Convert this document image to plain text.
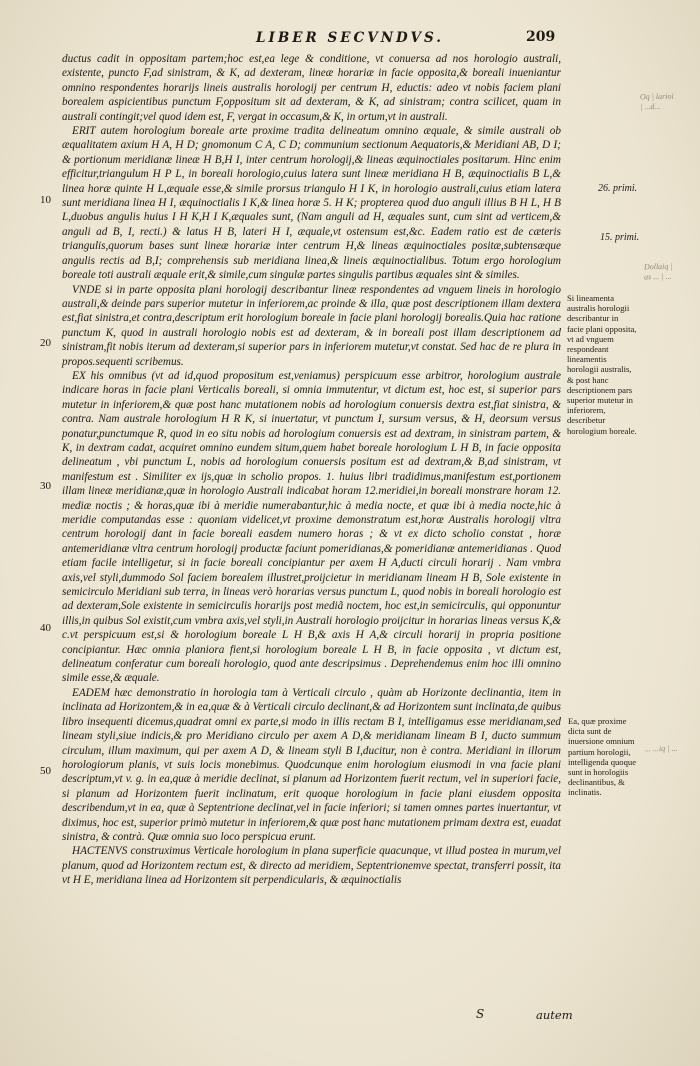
LIBER SECVNDVS.	209

ductus cadit in oppositam partem;hoc est,ea lege & conditione, vt conuersa ad nos horologio australi, existente, puncto F,ad sinistram, & K, ad dexteram, lineæ horariæ in facie opposita,& boreali inueniantur omnino respondentes horarijs lineis australis horologij per centrum H, eductis: adeo vt nobis faciem plani borealem aspicientibus punctum F,oppositum sit ad dexteram, & K, ad sinistram; contra scilicet, quam in australi contingit;vel quod idem est, F, vergat in occasum,& K, in ortum,vt in australi.

ERIT autem horologium boreale arte proxime tradita delineatum omnino æquale, & simile australi ob æqualitatem axium H A, H D; gnomonum C A, C D; communium sectionum Aequatoris,& Meridiani AB, D I; & portionum meridianæ lineæ H B,H I, inter centrum horologij,& lineas æquinoctiales positarum. Hinc enim efficitur,triangulum H P L, in boreali horologio,cuius latera sunt lineæ meridiana H B, æquinoctialis B L,& linea horæ quinte H L,æquale esse,& simile prorsus triangulo H I K, in horologio australi,cuius etiam latera sunt meridiana linea H I, æquinoctialis I K,& linea horæ 5. H K; propterea quod duo anguli illius B H L, H B L,duobus angulis huius I H K,H I K,æquales sunt, (Nam anguli ad H, æquales sunt, cum sint ad verticem,& anguli ad B, I, recti.) & latus H B, lateri H I, æquale,vt ostensum est,&c. Eadem ratio est de cæteris triangulis,quorum bases sunt lineæ horariæ inter centrum H,& lineas æquinoctiales positæ,subtensæque angulis rectis ad B,I; comprehensis sub meridiana linea,& lineis æquinoctialibus. Totum ergo horologium boreale toti australi æquale erit,& simile,cum singulæ partes singulis partibus æquales sint & similes.

VNDE si in parte opposita plani horologij describantur lineæ respondentes ad vnguem lineis in horologio australi,& deinde pars superior mutetur in inferiorem,ac proinde & illa, quæ post descriptionem illam dextera est,fiat sinistra,et contra,descriptum erit horologium boreale in facie plani horologij borealis.Quia hac ratione punctum K, quod in australi horologio nobis est ad dexteram, & in boreali post illam descriptionem ad sinistram,fit nobis iterum ad dexteram,si superior pars in inferiorem mutetur,vt constat. Sed hac de re plura in propos.sequenti scribemus.

EX his omnibus (vt ad id,quod propositum est,veniamus) perspicuum esse arbitror, horologium australe indicare horas in facie plani Verticalis boreali, si omnia immutentur, vt dictum est, hoc est, si superior pars mutetur in inferiorem,& quæ post hanc mutationem nobis ad horologium conuersis dextra est,fiat sinistra, & contra. Nam australe horologium H R K, si inuertatur, vt punctum I, sursum versus, & H, deorsum versus ponatur,punctumque R, quod in eo situ nobis ad horologium conuersis est ad dextram, in sinistram partem, & K, in dextram cadat, acquiret omnino eundem situm,quem habet boreale horologium L H B, in facie opposita delineatum , vbi punctum L, nobis ad horologium conuersis positum est ad dextram,& B,ad sinistram, vt manifestum est . Similiter ex ijs,quæ in scholio propos. 1. huius libri tradidimus,manifestum est,portionem illam lineæ meridianæ,quæ in horologio Australi indicabat horam 12.meridiei,in boreali monstrare horam 12. mediæ noctis ; & horas,quæ ibi à meridie numerabantur,hic à media nocte, et quæ ibi à media nocte,hic à meridie computandas esse : quoniam videlicet,vt proxime demonstratum est,horæ Australis horologij vltra centrum horologij dant in facie boreali easdem numero horas ; & vt ex dicto scholio constat , horæ antemeridianæ vltra centrum horologij productæ faciunt pomeridianas,& pomeridianæ antemeridianas . Quod etiam facile intelligetur, si in facie boreali concipiantur per axem H A,ducti circuli horarij . Nam vmbra axis,vel styli,dummodo Sol faciem borealem illustret,proijcietur in meridianam lineam H B, Sole existente in semicirculo Meridiani sub terra, in lineas verò horarias versus punctum L, quod nobis in boreali horologio est ad dexteram,Sole existente in semicirculis horarijs post mediã noctem, hoc est,in semicirculis, qui opponuntur illis,in quibus Sol existit,cum vmbra axis,vel styli,in Australi horologio proijcitur in horarias lineas versus K,& c.vt perspicuum est,si & horologium boreale L H B,& axis H A,& circuli horarij in propria positione concipiantur. Hæc omnia planiora fient,si horologium boreale L H B, in facie opposita , vt dictum est, delineatum conferatur cum boreali horologio, quod ante descripsimus . Deprehendemus enim hoc illi omnino simile esse,& æquale.

EADEM hæc demonstratio in horologia tam à Verticali circulo , quàm ab Horizonte declinantia, item in inclinata ad Horizontem,& in ea,quæ & à Verticali circulo declinant,& ad Horizontem sunt inclinata,de quibus libro insequenti dicemus,quadrat omni ex parte,si modo in illis rectam B I, intelligamus esse meridianam,sed lineam styli,siue indicis,& pro Meridiano circulo per axem A D,& meridianam lineam B I, ducto summum circulum, illum maximum, qui per axem A D, & lineam styli B I,ducitur, non è contra. Meridiani in illorum horologiorum planis, vt suis locis monebimus. Quodcunque enim horologium eiusmodi in vna facie plani descriptum,vt v. g. in ea,quæ à meridie declinat, si planum ad Horizontem fuerit rectum, vel in superiori facie, si planum ad Horizontem fuerit inclinatum, erit quoque horologium in facie plani eiusdem opposita describendum,vt in ea, quæ à Septentrione declinat,vel in facie inferiori; si tamen omnes partes inuertantur, vt diximus, hoc est, superior primò mutetur in inferiorem,& quæ post hanc mutationem primam dextra est, euadat sinistra, & contrà. Quæ omnia suo loco perspicua erunt.

HACTENVS construximus Verticale horologium in plana superficie quacunque, vt illud postea in murum,vel planum, quod ad Horizontem rectum est, & directo ad meridiem, Septentrionemve spectat, transferri possit, ita vt H E, meridiana linea ad Horizontem sit perpendicularis, & æquinoctialis

10
20
30
40
50
26. primi.
15. primi.
Si lineamenta australis horologii describantur in facie plani opposita, vt ad vnguem respondeant lineamentis horologii australis, & post hanc descriptionem pars superior mutetur in inferiorem, describetur horologium boreale.
Ea, quæ proxime dicta sunt de inuersione omnium partium horologii, intelligenda quoque sunt in horologiis declinantibus, & inclinatis.
Oq | larioi | ...d...
Dollaiq | as ... | ...
... ...iq | ...
S	autem
